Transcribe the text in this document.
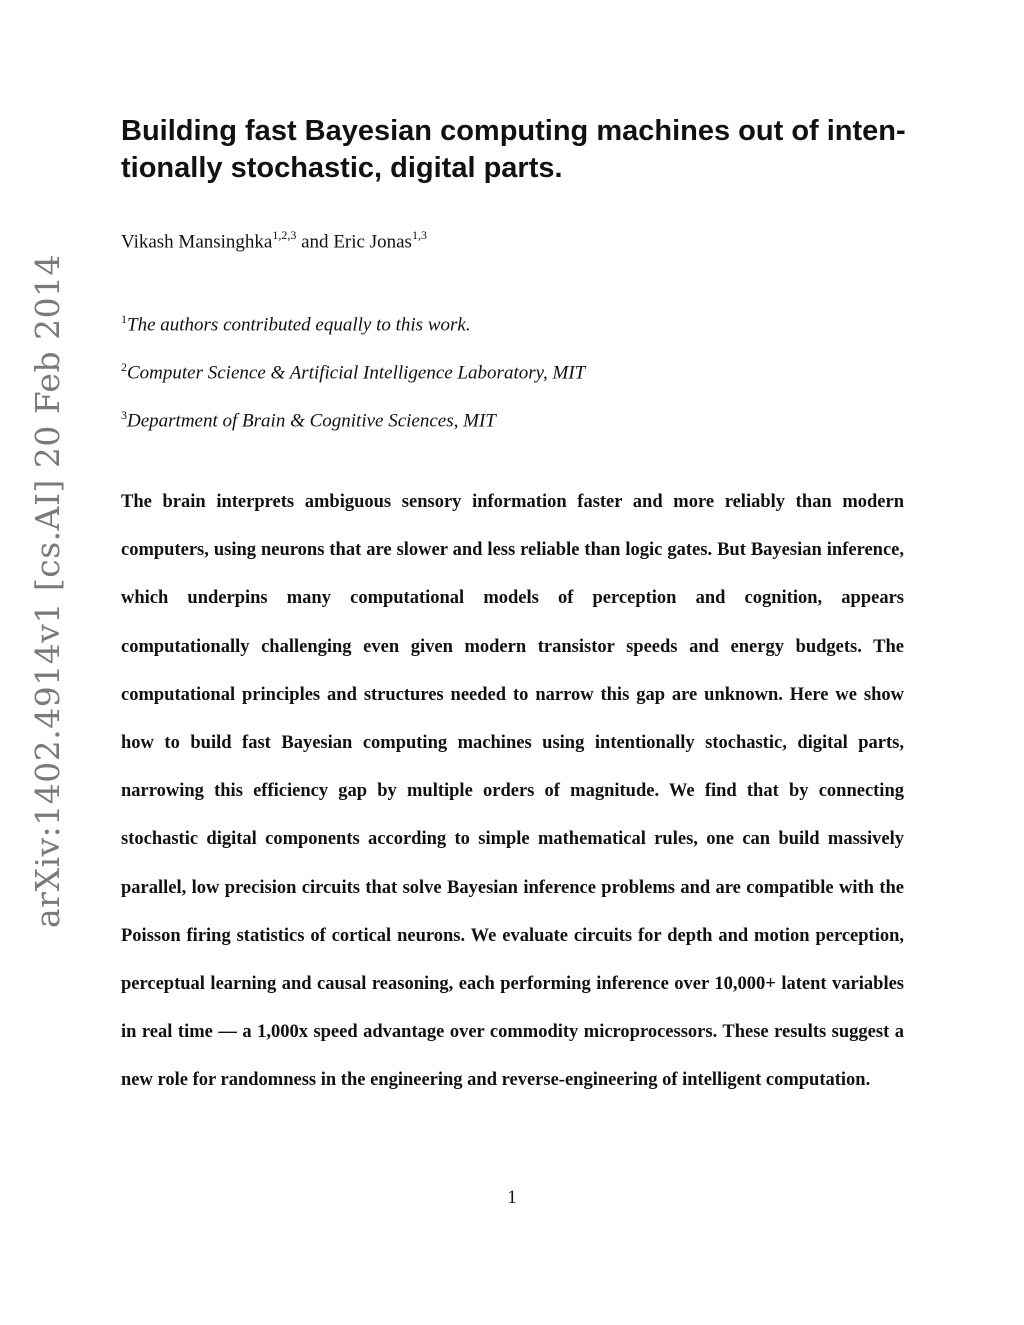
arXiv:1402.4914v1 [cs.AI] 20 Feb 2014
Building fast Bayesian computing machines out of inten-tionally stochastic, digital parts.
Vikash Mansinghka$^{1,2,3}$ and Eric Jonas$^{1,3}$
$^1$The authors contributed equally to this work.
$^2$Computer Science & Artificial Intelligence Laboratory, MIT
$^3$Department of Brain & Cognitive Sciences, MIT

The brain interprets ambiguous sensory information faster and more reliably than modern computers, using neurons that are slower and less reliable than logic gates. But Bayesian inference, which underpins many computational models of perception and cognition, appears computationally challenging even given modern transistor speeds and energy budgets. The computational principles and structures needed to narrow this gap are unknown. Here we show how to build fast Bayesian computing machines using intentionally stochastic, digital parts, narrowing this efficiency gap by multiple orders of magnitude. We find that by connecting stochastic digital components according to simple mathematical rules, one can build massively parallel, low precision circuits that solve Bayesian inference problems and are compatible with the Poisson firing statistics of cortical neurons. We evaluate circuits for depth and motion perception, perceptual learning and causal reasoning, each performing inference over 10,000+ latent variables in real time — a 1,000x speed advantage over commodity microprocessors. These results suggest a new role for randomness in the engineering and reverse-engineering of intelligent computation.

1
